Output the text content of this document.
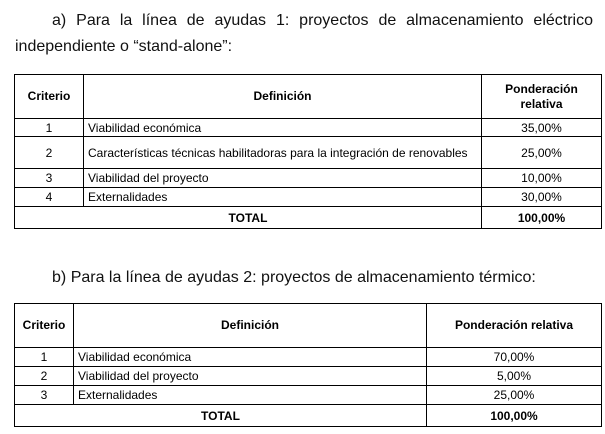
a) Para la línea de ayudas 1: proyectos de almacenamiento eléctrico independiente o “stand-alone”:
Criterio	Definición	Ponderación relativa
1	Viabilidad económica	35,00%
2	Características técnicas habilitadoras para la integración de renovables	25,00%
3	Viabilidad del proyecto	10,00%
4	Externalidades	30,00%
TOTAL		100,00%
b) Para la línea de ayudas 2: proyectos de almacenamiento térmico:
Criterio	Definición	Ponderación relativa
1	Viabilidad económica	70,00%
2	Viabilidad del proyecto	5,00%
3	Externalidades	25,00%
TOTAL		100,00%
